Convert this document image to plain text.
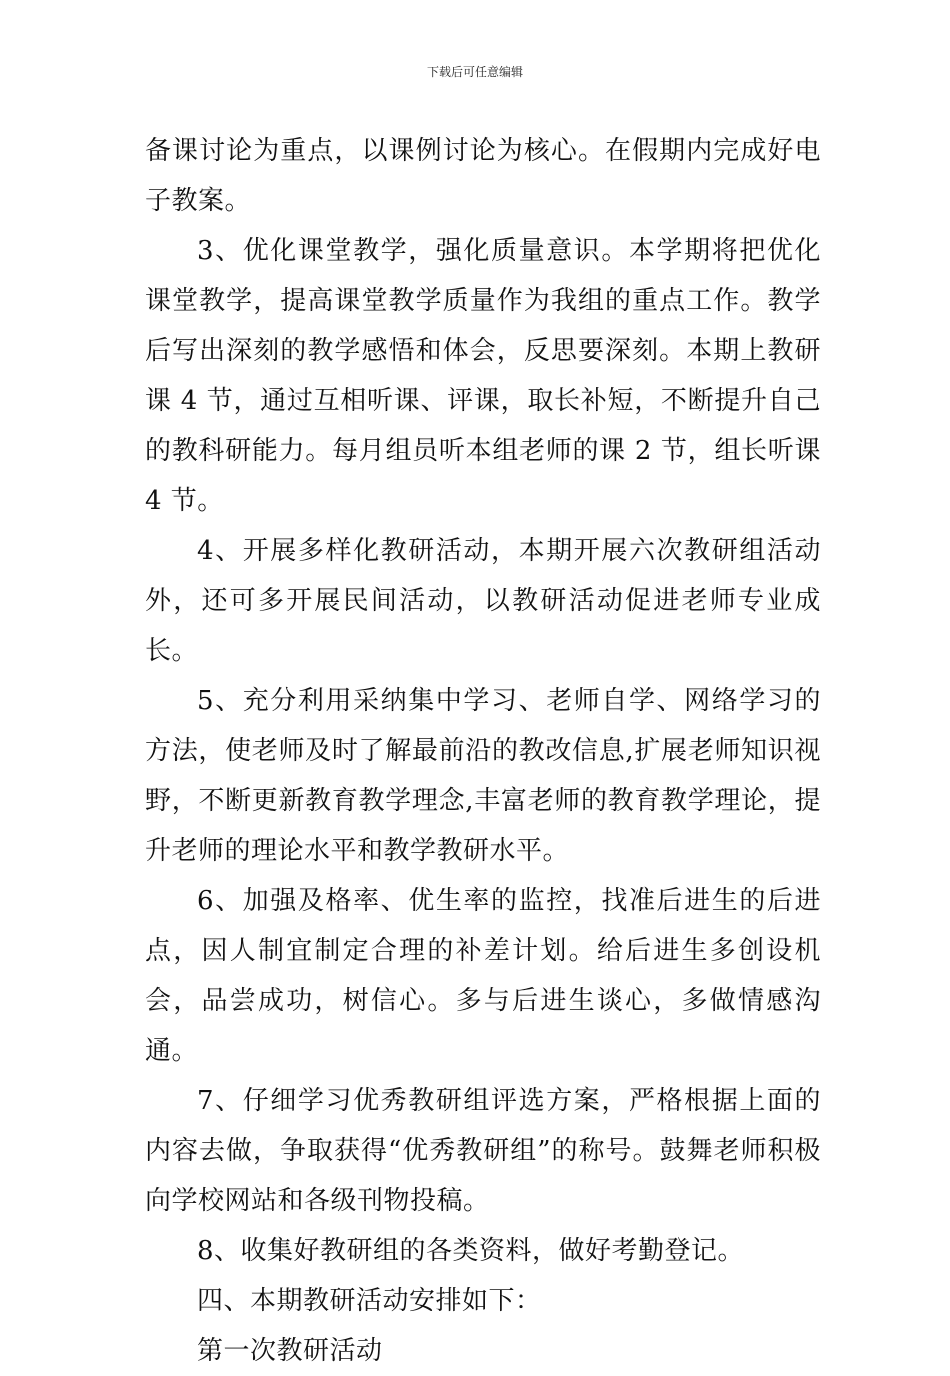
下载后可任意编辑

备课讨论为重点，以课例讨论为核心。在假期内完成好电子教案。

3、优化课堂教学，强化质量意识。本学期将把优化课堂教学，提高课堂教学质量作为我组的重点工作。教学后写出深刻的教学感悟和体会，反思要深刻。本期上教研课 4 节，通过互相听课、评课，取长补短，不断提升自己的教科研能力。每月组员听本组老师的课 2 节，组长听课 4 节。

4、开展多样化教研活动，本期开展六次教研组活动外，还可多开展民间活动，以教研活动促进老师专业成长。

5、充分利用采纳集中学习、老师自学、网络学习的方法，使老师及时了解最前沿的教改信息,扩展老师知识视野，不断更新教育教学理念,丰富老师的教育教学理论，提升老师的理论水平和教学教研水平。

6、加强及格率、优生率的监控，找准后进生的后进点，因人制宜制定合理的补差计划。给后进生多创设机会，品尝成功，树信心。多与后进生谈心，多做情感沟通。

7、仔细学习优秀教研组评选方案，严格根据上面的内容去做，争取获得“优秀教研组”的称号。鼓舞老师积极向学校网站和各级刊物投稿。

8、收集好教研组的各类资料，做好考勤登记。

四、本期教研活动安排如下：

第一次教研活动
